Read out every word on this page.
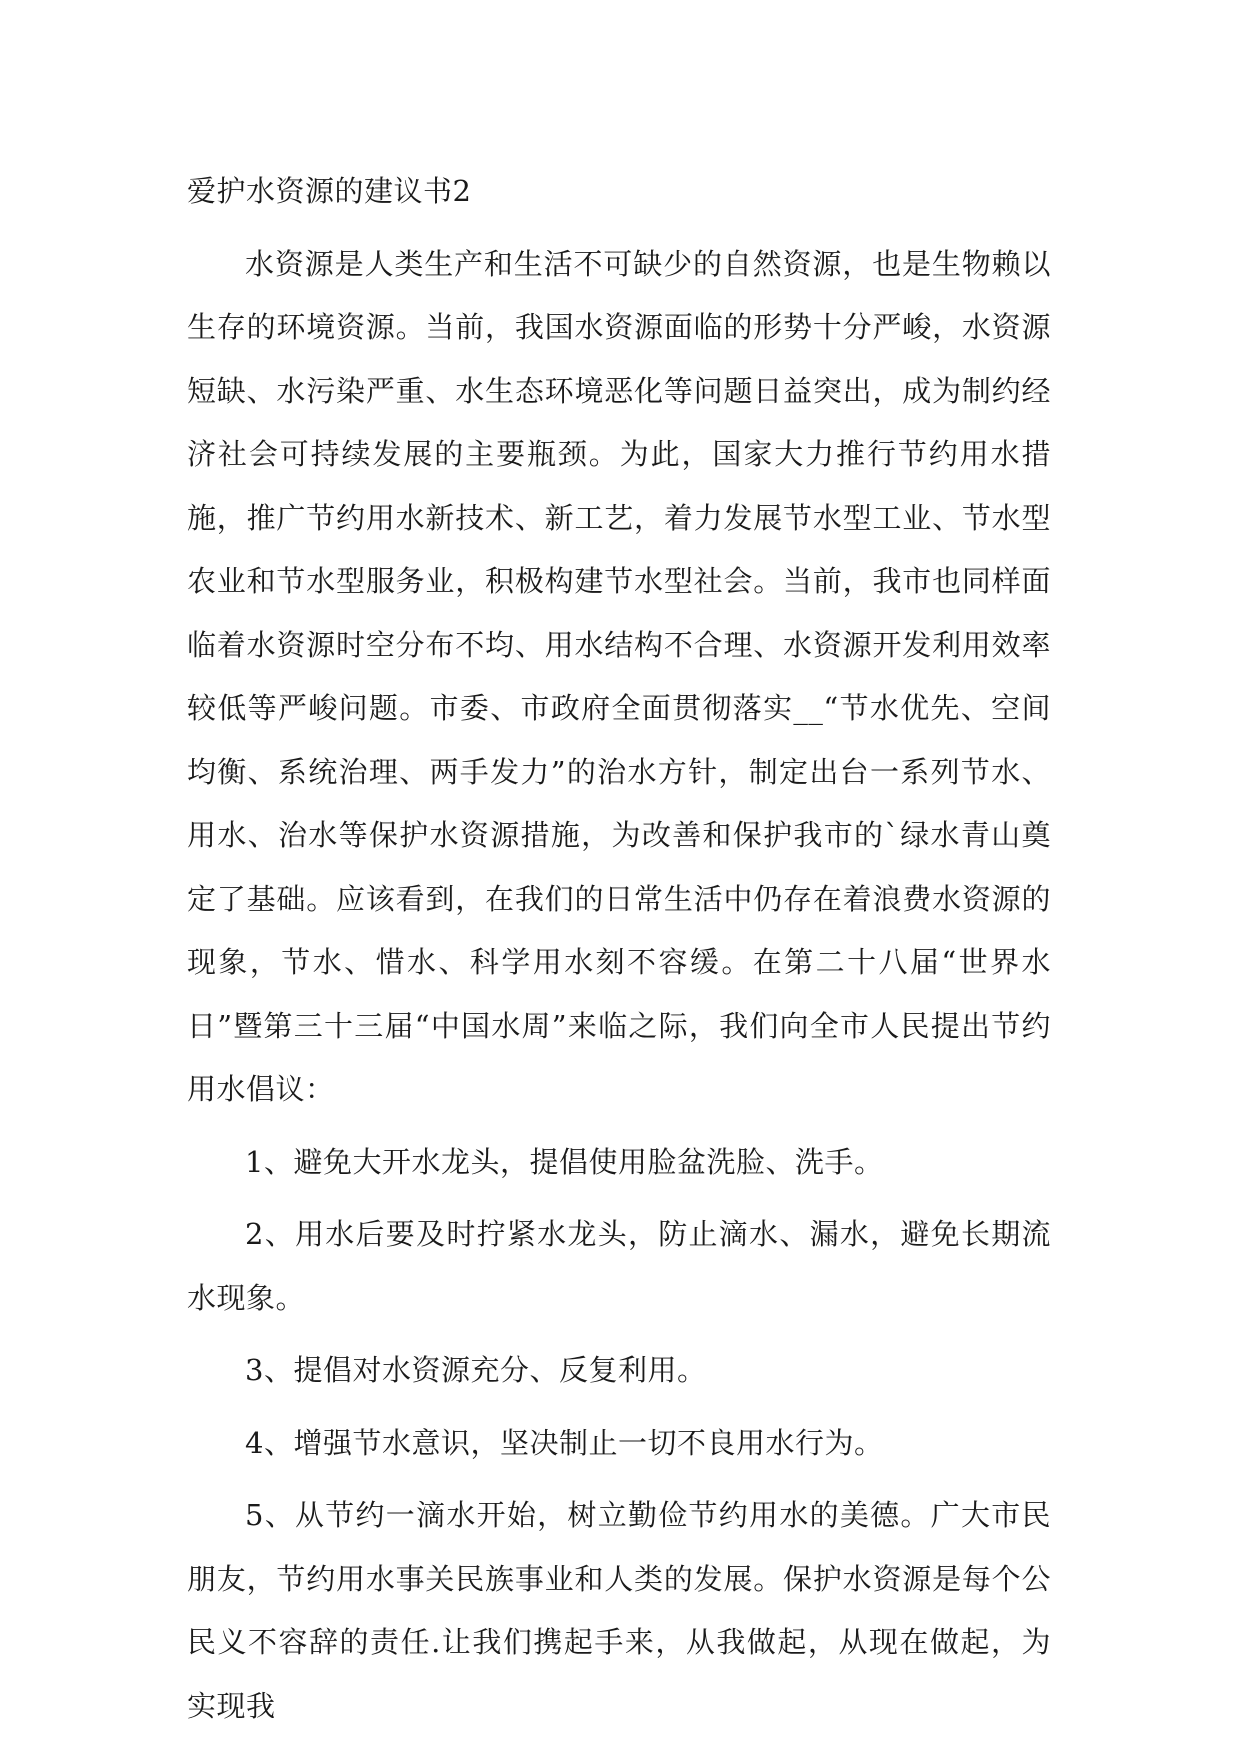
爱护水资源的建议书2

水资源是人类生产和生活不可缺少的自然资源，也是生物赖以生存的环境资源。当前，我国水资源面临的形势十分严峻，水资源短缺、水污染严重、水生态环境恶化等问题日益突出，成为制约经济社会可持续发展的主要瓶颈。为此，国家大力推行节约用水措施，推广节约用水新技术、新工艺，着力发展节水型工业、节水型农业和节水型服务业，积极构建节水型社会。当前，我市也同样面临着水资源时空分布不均、用水结构不合理、水资源开发利用效率较低等严峻问题。市委、市政府全面贯彻落实__“节水优先、空间均衡、系统治理、两手发力”的治水方针，制定出台一系列节水、用水、治水等保护水资源措施，为改善和保护我市的`绿水青山奠定了基础。应该看到，在我们的日常生活中仍存在着浪费水资源的现象，节水、惜水、科学用水刻不容缓。在第二十八届“世界水日”暨第三十三届“中国水周”来临之际，我们向全市人民提出节约用水倡议：

1、避免大开水龙头，提倡使用脸盆洗脸、洗手。

2、用水后要及时拧紧水龙头，防止滴水、漏水，避免长期流水现象。

3、提倡对水资源充分、反复利用。

4、增强节水意识，坚决制止一切不良用水行为。

5、从节约一滴水开始，树立勤俭节约用水的美德。广大市民朋友，节约用水事关民族事业和人类的发展。保护水资源是每个公民义不容辞的责任.让我们携起手来，从我做起，从现在做起，为实现我
